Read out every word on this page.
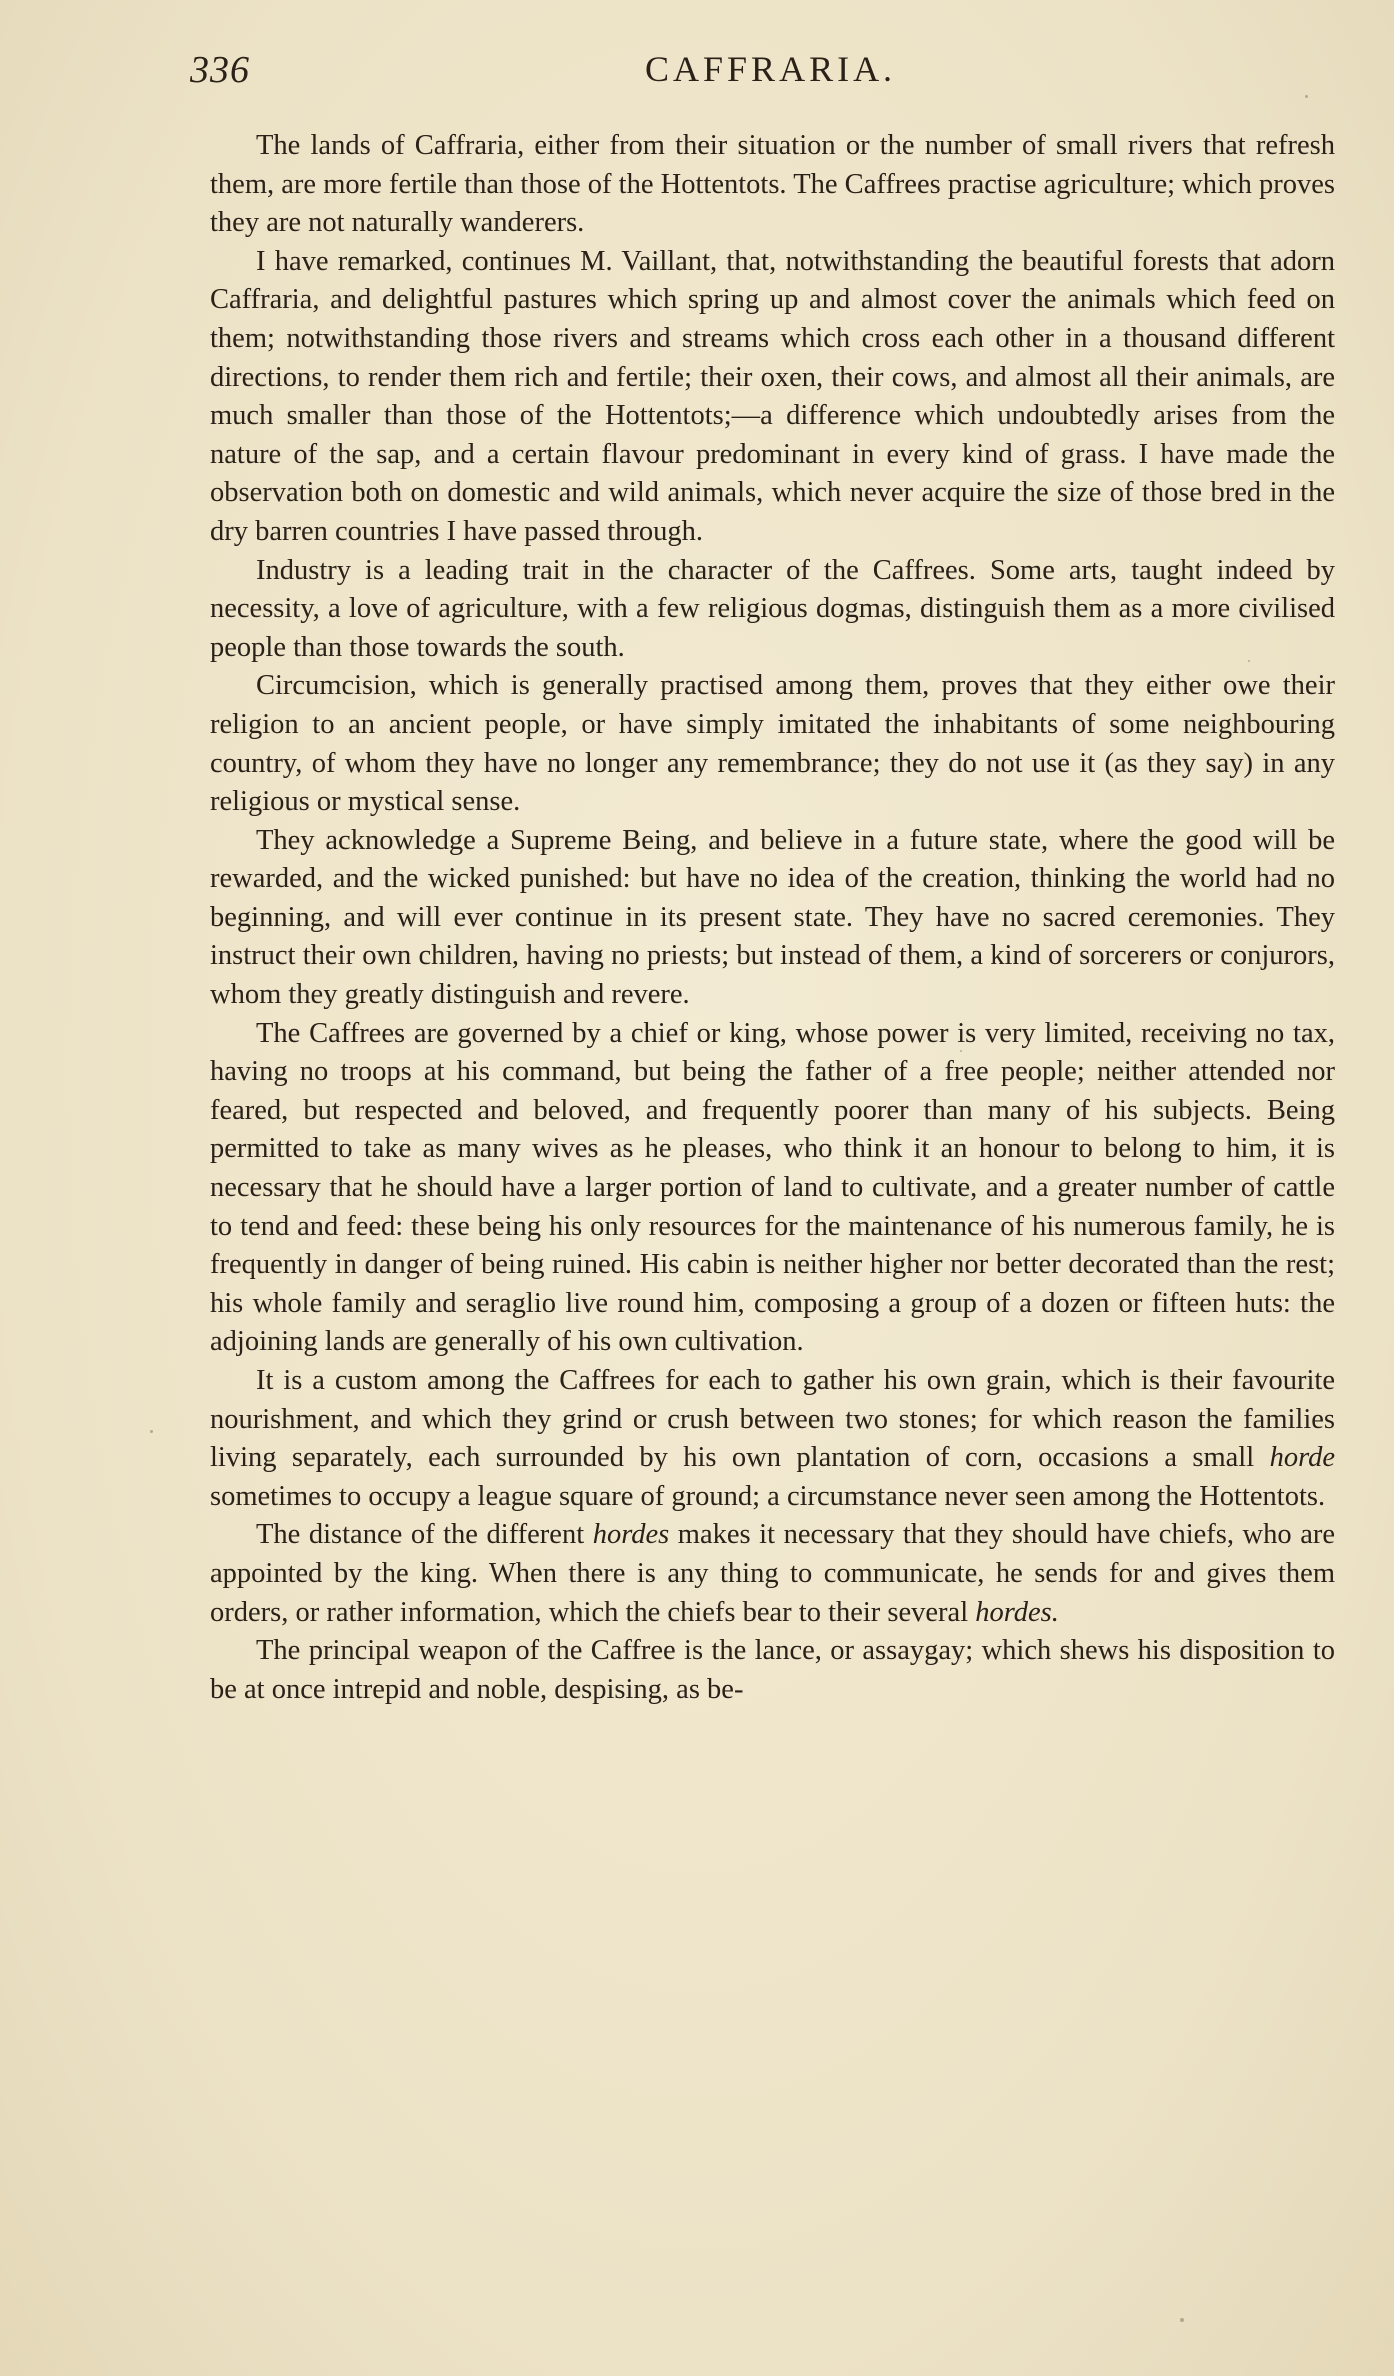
336	CAFFRARIA.

The lands of Caffraria, either from their situation or the number of small rivers that refresh them, are more fertile than those of the Hottentots. The Caffrees practise agriculture; which proves they are not naturally wanderers.

I have remarked, continues M. Vaillant, that, notwithstanding the beautiful forests that adorn Caffraria, and delightful pastures which spring up and almost cover the animals which feed on them; notwithstanding those rivers and streams which cross each other in a thousand different directions, to render them rich and fertile; their oxen, their cows, and almost all their animals, are much smaller than those of the Hottentots;—a difference which undoubtedly arises from the nature of the sap, and a certain flavour predominant in every kind of grass. I have made the observation both on domestic and wild animals, which never acquire the size of those bred in the dry barren countries I have passed through.

Industry is a leading trait in the character of the Caffrees. Some arts, taught indeed by necessity, a love of agriculture, with a few religious dogmas, distinguish them as a more civilised people than those towards the south.

Circumcision, which is generally practised among them, proves that they either owe their religion to an ancient people, or have simply imitated the inhabitants of some neighbouring country, of whom they have no longer any remembrance; they do not use it (as they say) in any religious or mystical sense.

They acknowledge a Supreme Being, and believe in a future state, where the good will be rewarded, and the wicked punished: but have no idea of the creation, thinking the world had no beginning, and will ever continue in its present state. They have no sacred ceremonies. They instruct their own children, having no priests; but instead of them, a kind of sorcerers or conjurors, whom they greatly distinguish and revere.

The Caffrees are governed by a chief or king, whose power is very limited, receiving no tax, having no troops at his command, but being the father of a free people; neither attended nor feared, but respected and beloved, and frequently poorer than many of his subjects. Being permitted to take as many wives as he pleases, who think it an honour to belong to him, it is necessary that he should have a larger portion of land to cultivate, and a greater number of cattle to tend and feed: these being his only resources for the maintenance of his numerous family, he is frequently in danger of being ruined. His cabin is neither higher nor better decorated than the rest; his whole family and seraglio live round him, composing a group of a dozen or fifteen huts: the adjoining lands are generally of his own cultivation.

It is a custom among the Caffrees for each to gather his own grain, which is their favourite nourishment, and which they grind or crush between two stones; for which reason the families living separately, each surrounded by his own plantation of corn, occasions a small horde sometimes to occupy a league square of ground; a circumstance never seen among the Hottentots.

The distance of the different hordes makes it necessary that they should have chiefs, who are appointed by the king. When there is any thing to communicate, he sends for and gives them orders, or rather information, which the chiefs bear to their several hordes.

The principal weapon of the Caffree is the lance, or assaygay; which shews his disposition to be at once intrepid and noble, despising, as be-
